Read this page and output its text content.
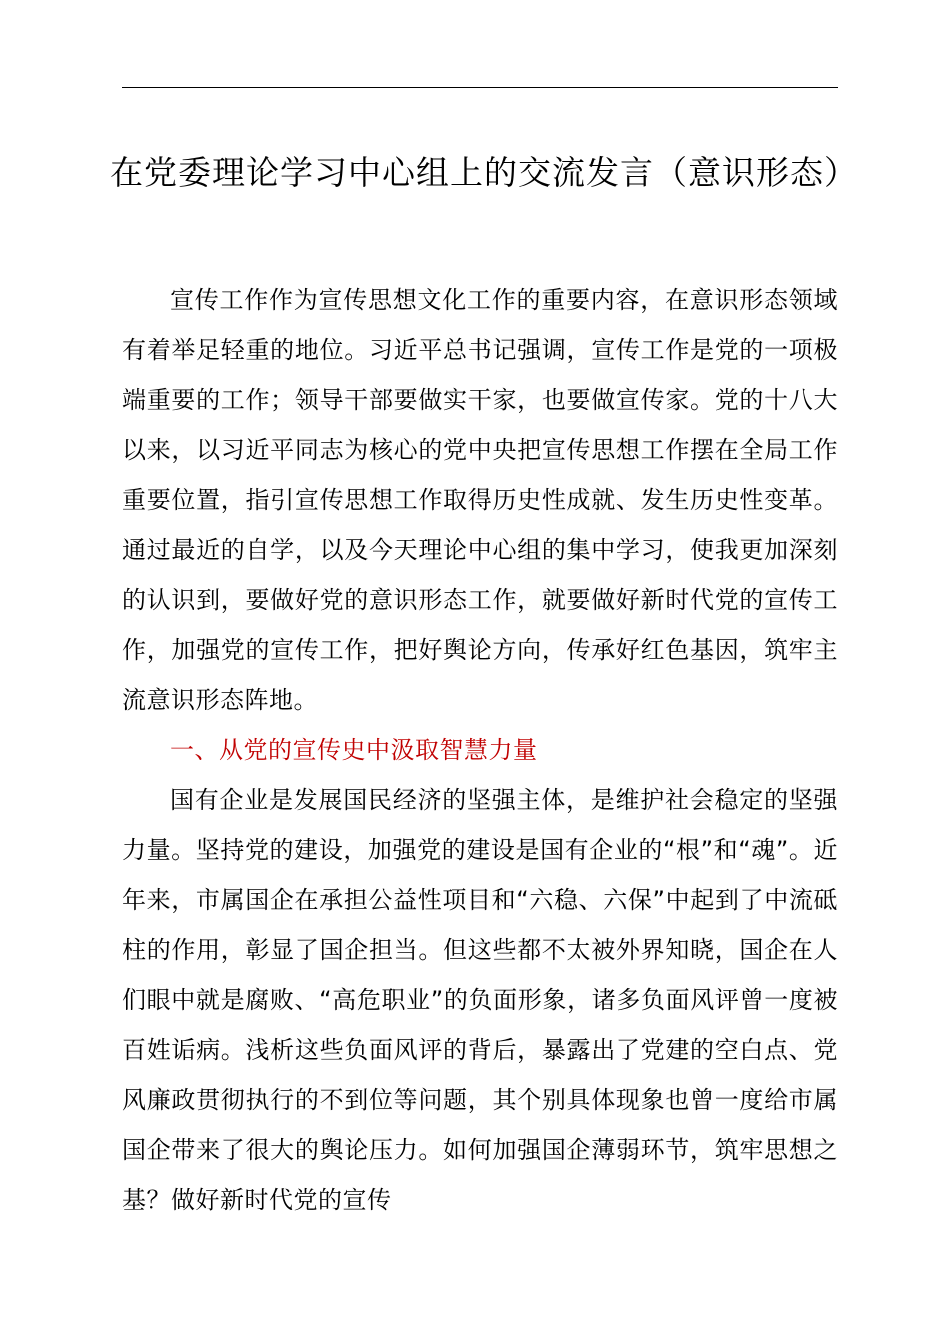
在党委理论学习中心组上的交流发言（意识形态）

宣传工作作为宣传思想文化工作的重要内容，在意识形态领域有着举足轻重的地位。习近平总书记强调，宣传工作是党的一项极端重要的工作；领导干部要做实干家，也要做宣传家。党的十八大以来，以习近平同志为核心的党中央把宣传思想工作摆在全局工作重要位置，指引宣传思想工作取得历史性成就、发生历史性变革。通过最近的自学，以及今天理论中心组的集中学习，使我更加深刻的认识到，要做好党的意识形态工作，就要做好新时代党的宣传工作，加强党的宣传工作，把好舆论方向，传承好红色基因，筑牢主流意识形态阵地。

一、从党的宣传史中汲取智慧力量

国有企业是发展国民经济的坚强主体，是维护社会稳定的坚强力量。坚持党的建设，加强党的建设是国有企业的“根”和“魂”。近年来，市属国企在承担公益性项目和“六稳、六保”中起到了中流砥柱的作用，彰显了国企担当。但这些都不太被外界知晓，国企在人们眼中就是腐败、“高危职业”的负面形象，诸多负面风评曾一度被百姓诟病。浅析这些负面风评的背后，暴露出了党建的空白点、党风廉政贯彻执行的不到位等问题，其个别具体现象也曾一度给市属国企带来了很大的舆论压力。如何加强国企薄弱环节，筑牢思想之基？做好新时代党的宣传
